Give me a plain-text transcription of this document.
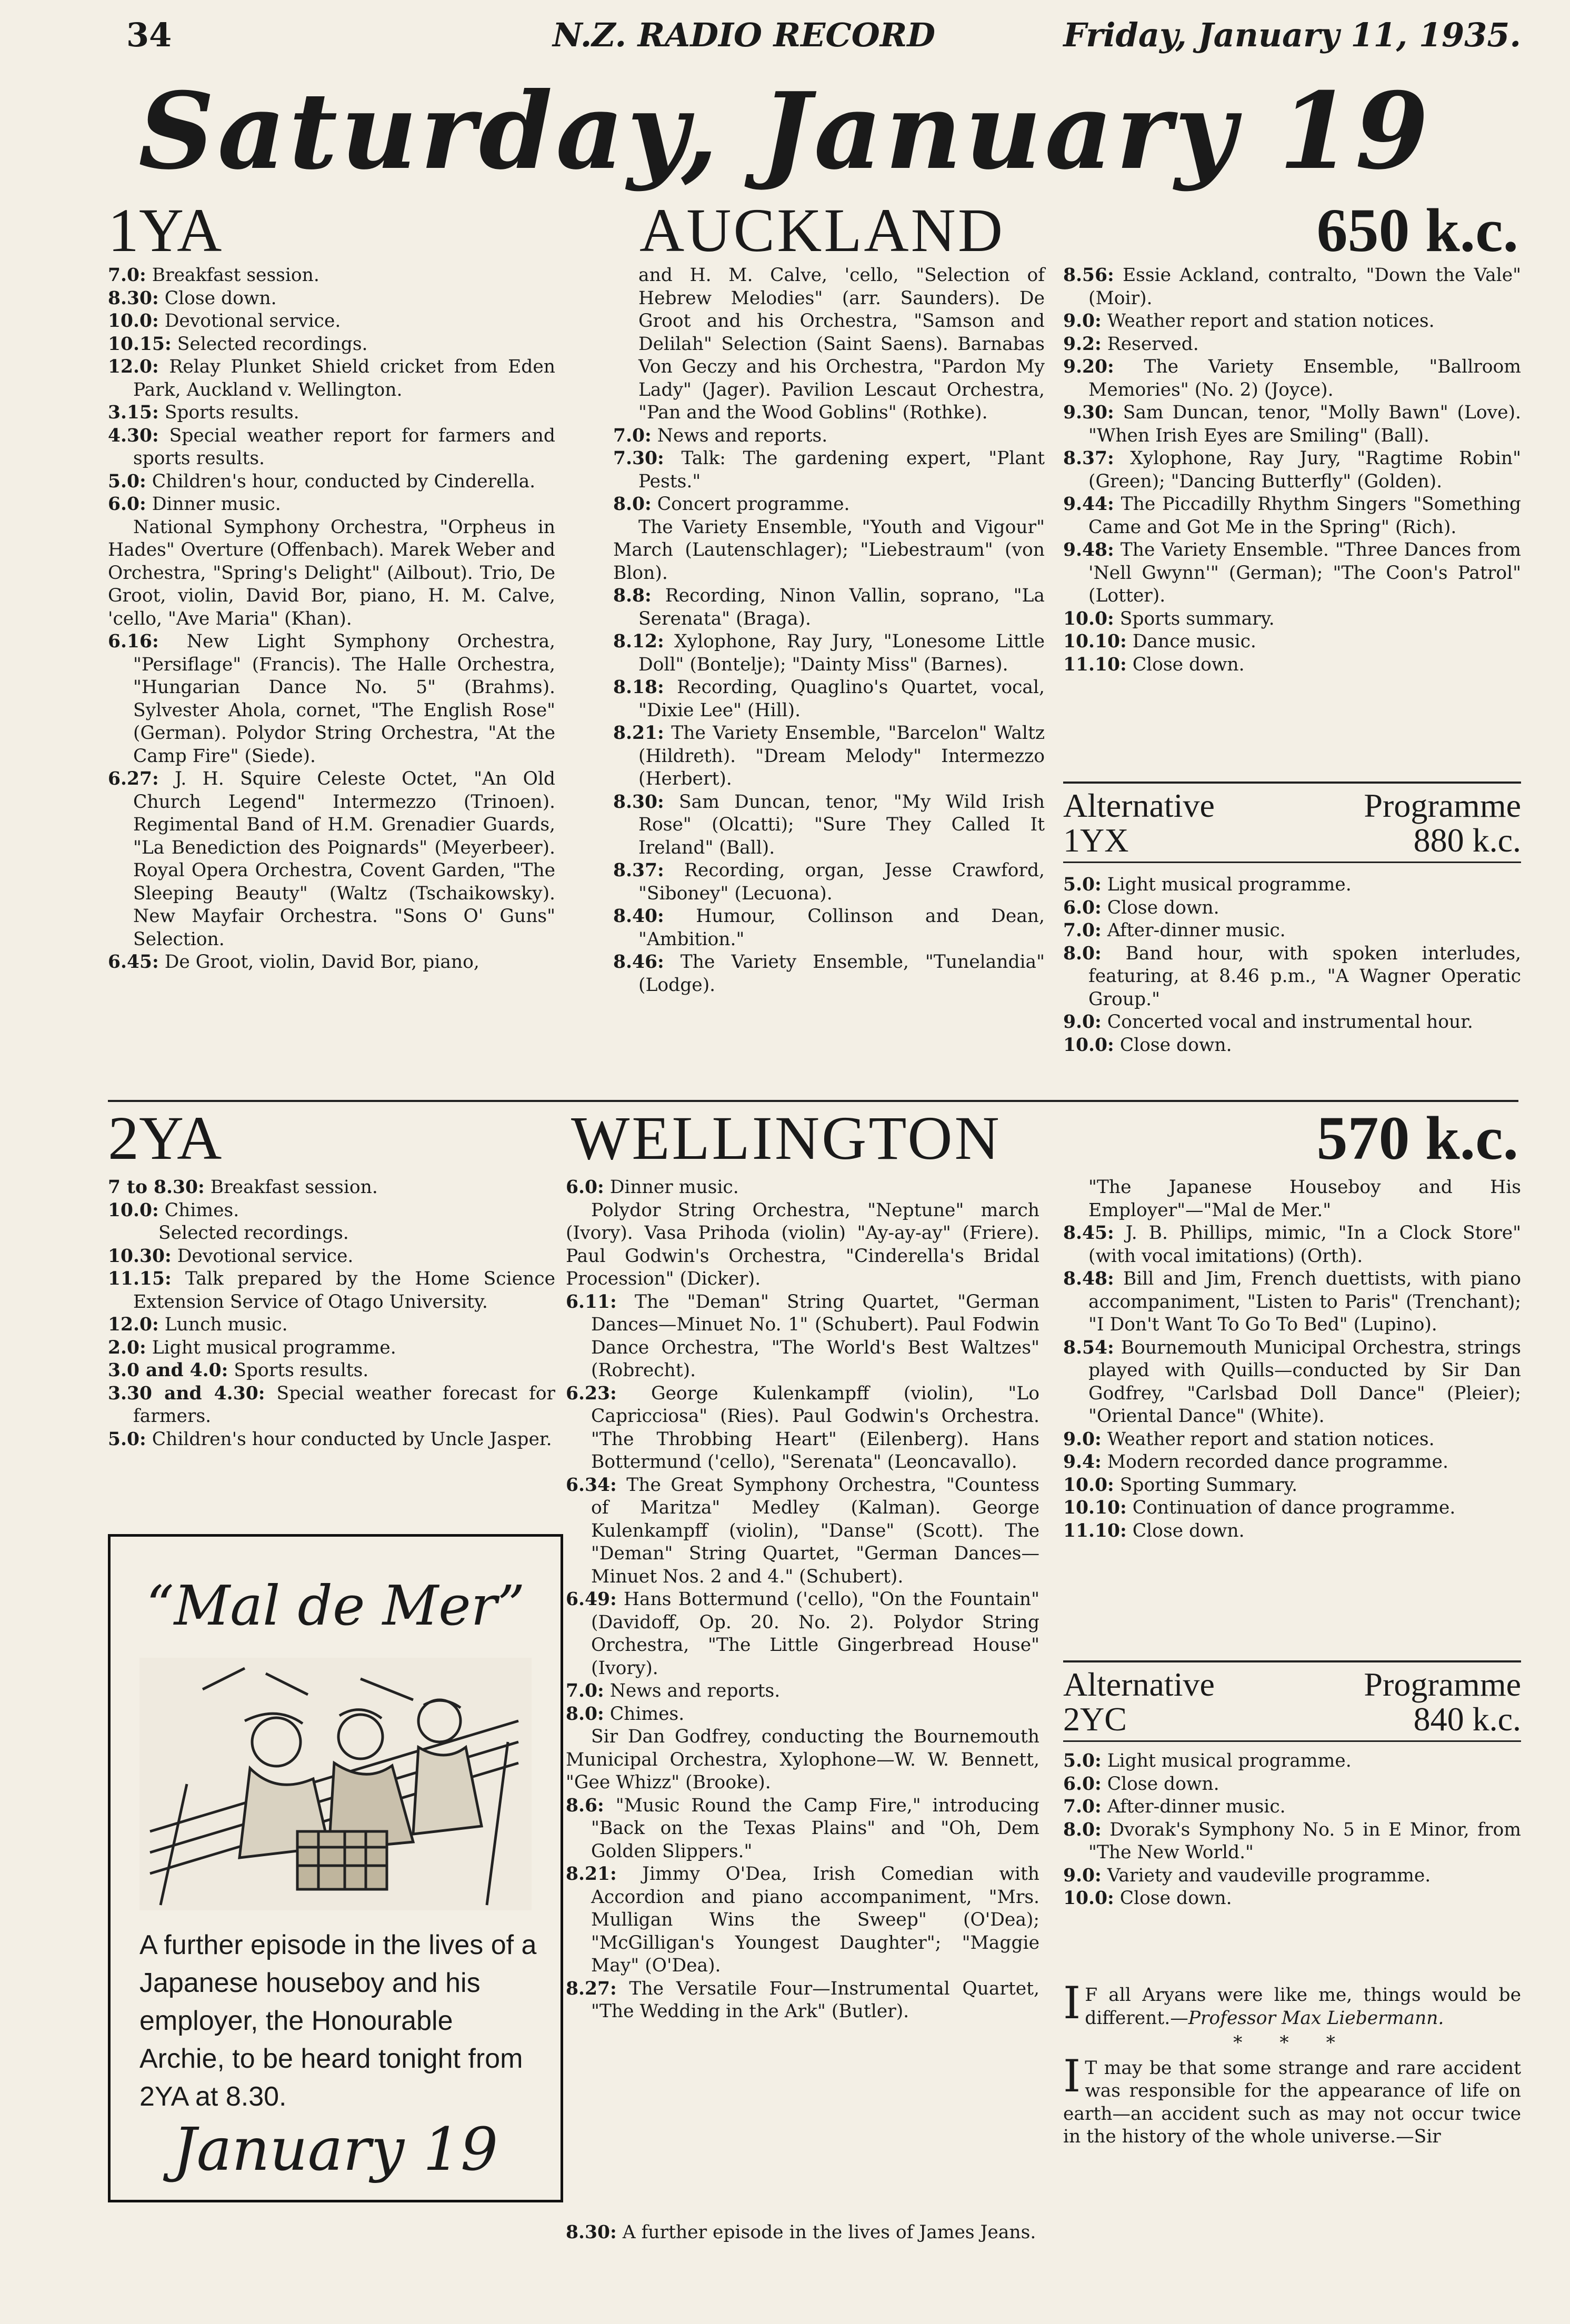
34	N.Z. RADIO RECORD	Friday, January 11, 1935.
Saturday, January 19
1YA	AUCKLAND	650 k.c.

7.0: Breakfast session.

8.30: Close down.

10.0: Devotional service.

10.15: Selected recordings.

12.0: Relay Plunket Shield cricket from Eden Park, Auckland v. Wellington.

3.15: Sports results.

4.30: Special weather report for farmers and sports results.

5.0: Children's hour, conducted by Cinderella.

6.0: Dinner music.

National Symphony Orchestra, "Orpheus in Hades" Overture (Offenbach). Marek Weber and Orchestra, "Spring's Delight" (Ailbout). Trio, De Groot, violin, David Bor, piano, H. M. Calve, 'cello, "Ave Maria" (Khan).

6.16: New Light Symphony Orchestra, "Persiflage" (Francis). The Halle Orchestra, "Hungarian Dance No. 5" (Brahms). Sylvester Ahola, cornet, "The English Rose" (German). Polydor String Orchestra, "At the Camp Fire" (Siede).

6.27: J. H. Squire Celeste Octet, "An Old Church Legend" Intermezzo (Trinoen). Regimental Band of H.M. Grenadier Guards, "La Benediction des Poignards" (Meyerbeer). Royal Opera Orchestra, Covent Garden, "The Sleeping Beauty" (Waltz (Tschaikowsky). New Mayfair Orchestra. "Sons O' Guns" Selection.

6.45: De Groot, violin, David Bor, piano,

and H. M. Calve, 'cello, "Selection of Hebrew Melodies" (arr. Saunders). De Groot and his Orchestra, "Samson and Delilah" Selection (Saint Saens). Barnabas Von Geczy and his Orchestra, "Pardon My Lady" (Jager). Pavilion Lescaut Orchestra, "Pan and the Wood Goblins" (Rothke).

7.0: News and reports.

7.30: Talk: The gardening expert, "Plant Pests."

8.0: Concert programme.

The Variety Ensemble, "Youth and Vigour" March (Lautenschlager); "Liebestraum" (von Blon).

8.8: Recording, Ninon Vallin, soprano, "La Serenata" (Braga).

8.12: Xylophone, Ray Jury, "Lonesome Little Doll" (Bontelje); "Dainty Miss" (Barnes).

8.18: Recording, Quaglino's Quartet, vocal, "Dixie Lee" (Hill).

8.21: The Variety Ensemble, "Barcelon" Waltz (Hildreth). "Dream Melody" Intermezzo (Herbert).

8.30: Sam Duncan, tenor, "My Wild Irish Rose" (Olcatti); "Sure They Called It Ireland" (Ball).

8.37: Recording, organ, Jesse Crawford, "Siboney" (Lecuona).

8.40: Humour, Collinson and Dean, "Ambition."

8.46: The Variety Ensemble, "Tunelandia" (Lodge).

8.56: Essie Ackland, contralto, "Down the Vale" (Moir).

9.0: Weather report and station notices.

9.2: Reserved.

9.20: The Variety Ensemble, "Ballroom Memories" (No. 2) (Joyce).

9.30: Sam Duncan, tenor, "Molly Bawn" (Love). "When Irish Eyes are Smiling" (Ball).

8.37: Xylophone, Ray Jury, "Ragtime Robin" (Green); "Dancing Butterfly" (Golden).

9.44: The Piccadilly Rhythm Singers "Something Came and Got Me in the Spring" (Rich).

9.48: The Variety Ensemble. "Three Dances from 'Nell Gwynn'" (German); "The Coon's Patrol" (Lotter).

10.0: Sports summary.

10.10: Dance music.

11.10: Close down.

Alternative	Programme
1YX	880 k.c.

5.0: Light musical programme.

6.0: Close down.

7.0: After-dinner music.

8.0: Band hour, with spoken interludes, featuring, at 8.46 p.m., "A Wagner Operatic Group."

9.0: Concerted vocal and instrumental hour.

10.0: Close down.

2YA	WELLINGTON	570 k.c.

7 to 8.30: Breakfast session.

10.0: Chimes.

Selected recordings.

10.30: Devotional service.

11.15: Talk prepared by the Home Science Extension Service of Otago University.

12.0: Lunch music.

2.0: Light musical programme.

3.0 and 4.0: Sports results.

3.30 and 4.30: Special weather forecast for farmers.

5.0: Children's hour conducted by Uncle Jasper.

6.0: Dinner music.

Polydor String Orchestra, "Neptune" march (Ivory). Vasa Prihoda (violin) "Ay-ay-ay" (Friere). Paul Godwin's Orchestra, "Cinderella's Bridal Procession" (Dicker).

6.11: The "Deman" String Quartet, "German Dances—Minuet No. 1" (Schubert). Paul Fodwin Dance Orchestra, "The World's Best Waltzes" (Robrecht).

6.23: George Kulenkampff (violin), "Lo Capricciosa" (Ries). Paul Godwin's Orchestra. "The Throbbing Heart" (Eilenberg). Hans Bottermund ('cello), "Serenata" (Leoncavallo).

6.34: The Great Symphony Orchestra, "Countess of Maritza" Medley (Kalman). George Kulenkampff (violin), "Danse" (Scott). The "Deman" String Quartet, "German Dances—Minuet Nos. 2 and 4." (Schubert).

6.49: Hans Bottermund ('cello), "On the Fountain" (Davidoff, Op. 20. No. 2). Polydor String Orchestra, "The Little Gingerbread House" (Ivory).

7.0: News and reports.

8.0: Chimes.

Sir Dan Godfrey, conducting the Bournemouth Municipal Orchestra, Xylophone—W. W. Bennett, "Gee Whizz" (Brooke).

8.6: "Music Round the Camp Fire," introducing "Back on the Texas Plains" and "Oh, Dem Golden Slippers."

8.21: Jimmy O'Dea, Irish Comedian with Accordion and piano accompaniment, "Mrs. Mulligan Wins the Sweep" (O'Dea); "McGilligan's Youngest Daughter"; "Maggie May" (O'Dea).

8.27: The Versatile Four—Instrumental Quartet, "The Wedding in the Ark" (Butler).

"The Japanese Houseboy and His Employer"—"Mal de Mer."

8.45: J. B. Phillips, mimic, "In a Clock Store" (with vocal imitations) (Orth).

8.48: Bill and Jim, French duettists, with piano accompaniment, "Listen to Paris" (Trenchant); "I Don't Want To Go To Bed" (Lupino).

8.54: Bournemouth Municipal Orchestra, strings played with Quills—conducted by Sir Dan Godfrey, "Carlsbad Doll Dance" (Pleier); "Oriental Dance" (White).

9.0: Weather report and station notices.

9.4: Modern recorded dance programme.

10.0: Sporting Summary.

10.10: Continuation of dance programme.

11.10: Close down.

Alternative	Programme
2YC	840 k.c.

5.0: Light musical programme.

6.0: Close down.

7.0: After-dinner music.

8.0: Dvorak's Symphony No. 5 in E Minor, from "The New World."

9.0: Variety and vaudeville programme.

10.0: Close down.

I F all Aryans were like me, things would be different.—Professor Max Liebermann.

* * *

I T may be that some strange and rare accident was responsible for the appearance of life on earth—an accident such as may not occur twice in the history of the whole universe.—Sir

8.30: A further episode in the lives of James Jeans.
“Mal de Mer”
A further episode in the lives of a Japanese houseboy and his employer, the Honourable Archie, to be heard tonight from 2YA at 8.30.
January 19
